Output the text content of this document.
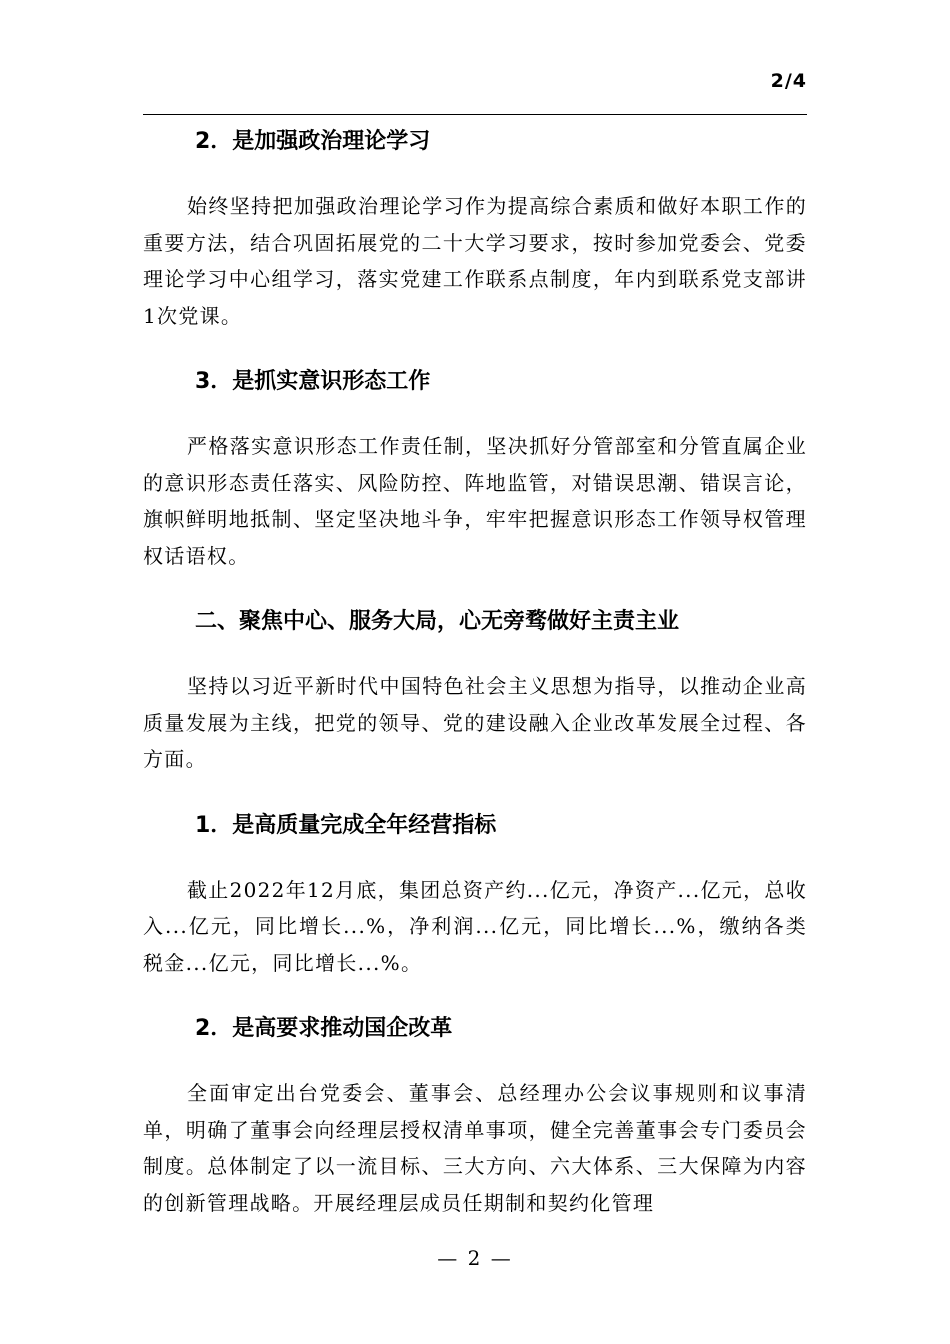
2/4
2．是加强政治理论学习

始终坚持把加强政治理论学习作为提高综合素质和做好本职工作的重要方法，结合巩固拓展党的二十大学习要求，按时参加党委会、党委理论学习中心组学习，落实党建工作联系点制度，年内到联系党支部讲1次党课。

3．是抓实意识形态工作

严格落实意识形态工作责任制，坚决抓好分管部室和分管直属企业的意识形态责任落实、风险防控、阵地监管，对错误思潮、错误言论，旗帜鲜明地抵制、坚定坚决地斗争，牢牢把握意识形态工作领导权管理权话语权。

二、聚焦中心、服务大局，心无旁骛做好主责主业

坚持以习近平新时代中国特色社会主义思想为指导，以推动企业高质量发展为主线，把党的领导、党的建设融入企业改革发展全过程、各方面。

1．是高质量完成全年经营指标

截止2022年12月底，集团总资产约...亿元，净资产...亿元，总收入...亿元，同比增长...%，净利润...亿元，同比增长...%，缴纳各类税金...亿元，同比增长...%。

2．是高要求推动国企改革

全面审定出台党委会、董事会、总经理办公会议事规则和议事清单，明确了董事会向经理层授权清单事项，健全完善董事会专门委员会制度。总体制定了以一流目标、三大方向、六大体系、三大保障为内容的创新管理战略。开展经理层成员任期制和契约化管理

— 2 —
